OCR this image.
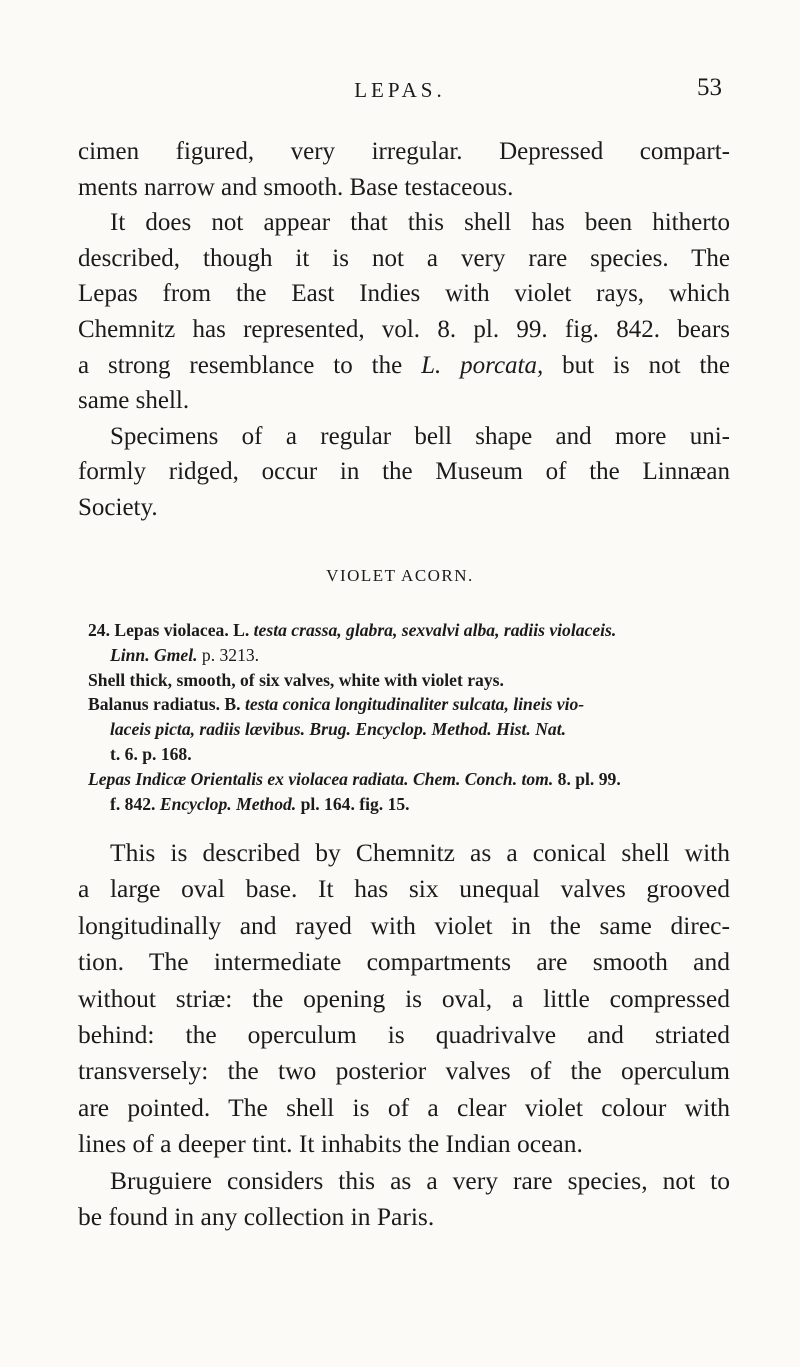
LEPAS.	53
cimen figured, very irregular. Depressed compart-
ments narrow and smooth. Base testaceous.
It does not appear that this shell has been hitherto
described, though it is not a very rare species. The
Lepas from the East Indies with violet rays, which
Chemnitz has represented, vol. 8. pl. 99. fig. 842. bears
a strong resemblance to the L. porcata, but is not the
same shell.
Specimens of a regular bell shape and more uni-
formly ridged, occur in the Museum of the Linnæan
Society.
VIOLET ACORN.
24. Lepas violacea. L. testa crassa, glabra, sexvalvi alba, radiis violaceis.
Linn. Gmel. p. 3213.
Shell thick, smooth, of six valves, white with violet rays.
Balanus radiatus. B. testa conica longitudinaliter sulcata, lineis vio-
laceis picta, radiis lævibus. Brug. Encyclop. Method. Hist. Nat.
t. 6. p. 168.
Lepas Indicæ Orientalis ex violacea radiata. Chem. Conch. tom. 8. pl. 99.
f. 842. Encyclop. Method. pl. 164. fig. 15.
This is described by Chemnitz as a conical shell with
a large oval base. It has six unequal valves grooved
longitudinally and rayed with violet in the same direc-
tion. The intermediate compartments are smooth and
without striæ: the opening is oval, a little compressed
behind: the operculum is quadrivalve and striated
transversely: the two posterior valves of the operculum
are pointed. The shell is of a clear violet colour with
lines of a deeper tint. It inhabits the Indian ocean.
Bruguiere considers this as a very rare species, not to
be found in any collection in Paris.
